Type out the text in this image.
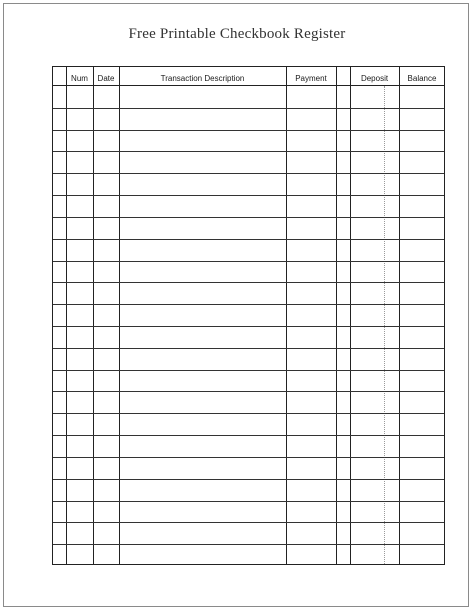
Free Printable Checkbook Register
Num	Date	Transaction Description	Payment	Deposit	Balance
